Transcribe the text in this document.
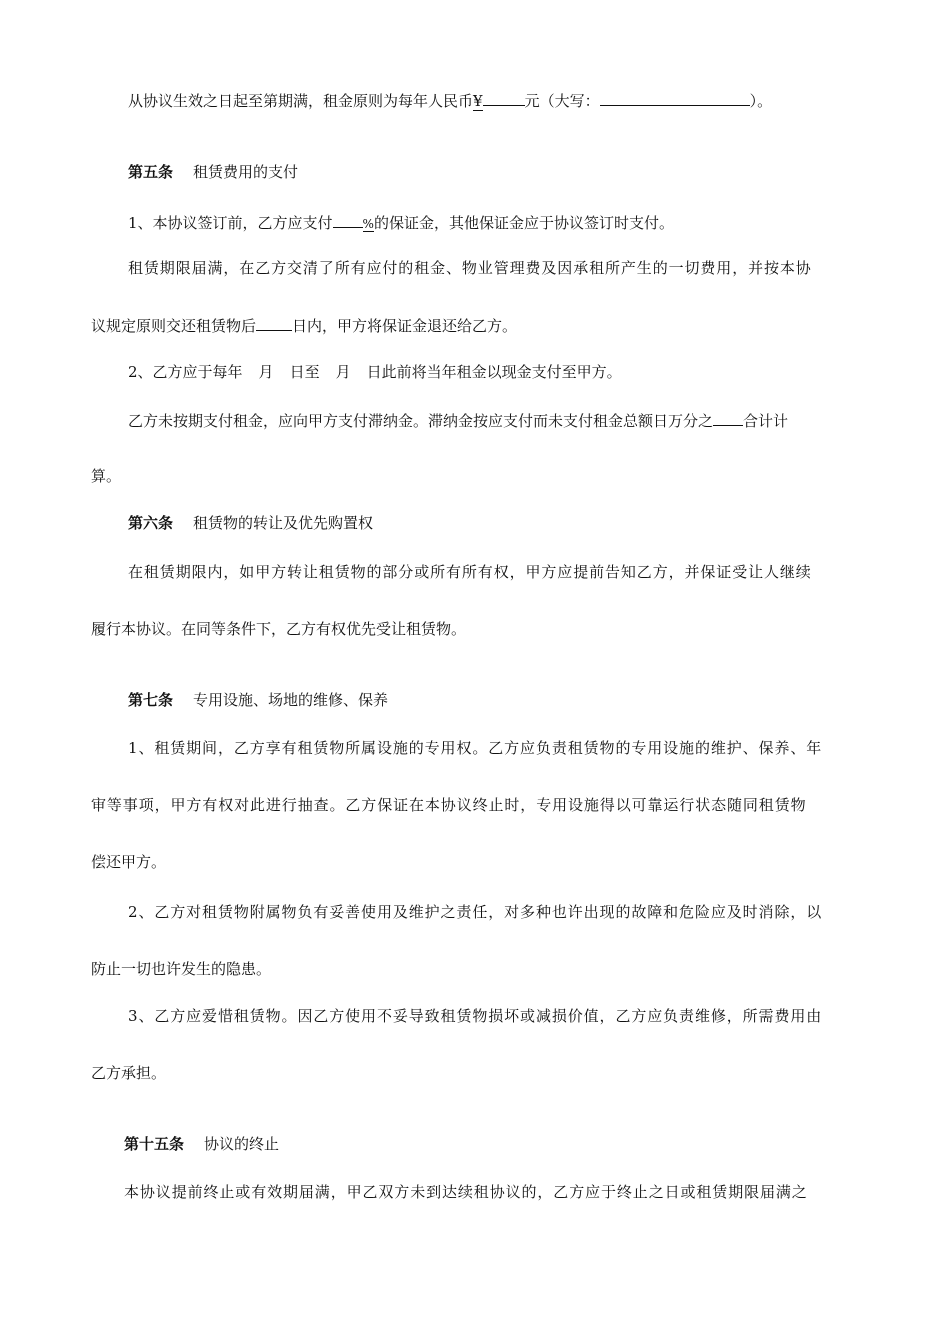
从协议生效之日起至第期满，租金原则为每年人民币¥	元（大写：	）。
第五条 租赁费用的支付
1、本协议签订前，乙方应支付	%的保证金，其他保证金应于协议签订时支付。
租赁期限届满，在乙方交清了所有应付的租金、物业管理费及因承租所产生的一切费用，并按本协
议规定原则交还租赁物后 日内，甲方将保证金退还给乙方。
2、乙方应于每年 月 日至 月 日此前将当年租金以现金支付至甲方。
乙方未按期支付租金，应向甲方支付滞纳金。滞纳金按应支付而未支付租金总额日万分之 合计计
算。
第六条 租赁物的转让及优先购置权
在租赁期限内，如甲方转让租赁物的部分或所有所有权，甲方应提前告知乙方，并保证受让人继续
履行本协议。在同等条件下，乙方有权优先受让租赁物。
第七条 专用设施、场地的维修、保养
1、租赁期间，乙方享有租赁物所属设施的专用权。乙方应负责租赁物的专用设施的维护、保养、年
审等事项，甲方有权对此进行抽查。乙方保证在本协议终止时，专用设施得以可靠运行状态随同租赁物
偿还甲方。
2、乙方对租赁物附属物负有妥善使用及维护之责任，对多种也许出现的故障和危险应及时消除，以
防止一切也许发生的隐患。
3、乙方应爱惜租赁物。因乙方使用不妥导致租赁物损坏或减损价值，乙方应负责维修，所需费用由
乙方承担。
第十五条 协议的终止
本协议提前终止或有效期届满，甲乙双方未到达续租协议的，乙方应于终止之日或租赁期限届满之
